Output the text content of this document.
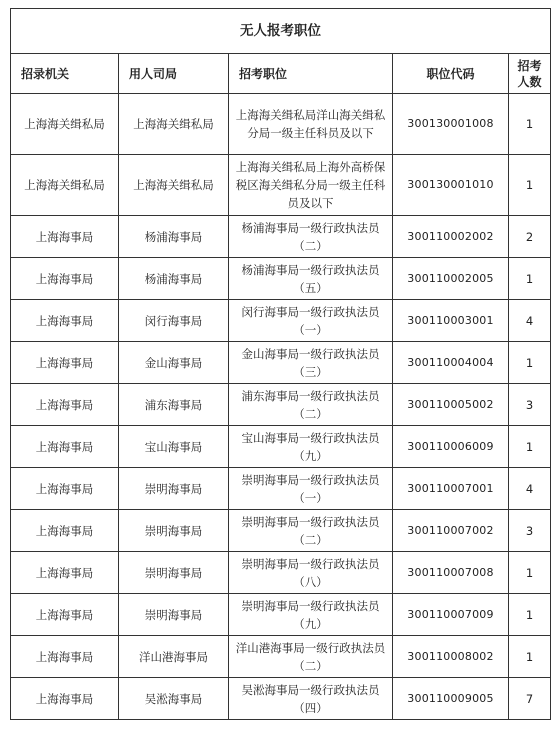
无人报考职位				
招录机关	用人司局	招考职位	职位代码	招考人数
上海海关缉私局	上海海关缉私局	上海海关缉私局洋山海关缉私分局一级主任科员及以下	300130001008	1
上海海关缉私局	上海海关缉私局	上海海关缉私局上海外高桥保税区海关缉私分局一级主任科员及以下	300130001010	1
上海海事局	杨浦海事局	杨浦海事局一级行政执法员（二）	300110002002	2
上海海事局	杨浦海事局	杨浦海事局一级行政执法员（五）	300110002005	1
上海海事局	闵行海事局	闵行海事局一级行政执法员（一）	300110003001	4
上海海事局	金山海事局	金山海事局一级行政执法员（三）	300110004004	1
上海海事局	浦东海事局	浦东海事局一级行政执法员（二）	300110005002	3
上海海事局	宝山海事局	宝山海事局一级行政执法员（九）	300110006009	1
上海海事局	崇明海事局	崇明海事局一级行政执法员（一）	300110007001	4
上海海事局	崇明海事局	崇明海事局一级行政执法员（二）	300110007002	3
上海海事局	崇明海事局	崇明海事局一级行政执法员（八）	300110007008	1
上海海事局	崇明海事局	崇明海事局一级行政执法员（九）	300110007009	1
上海海事局	洋山港海事局	洋山港海事局一级行政执法员（二）	300110008002	1
上海海事局	吴淞海事局	吴淞海事局一级行政执法员（四）	300110009005	7
